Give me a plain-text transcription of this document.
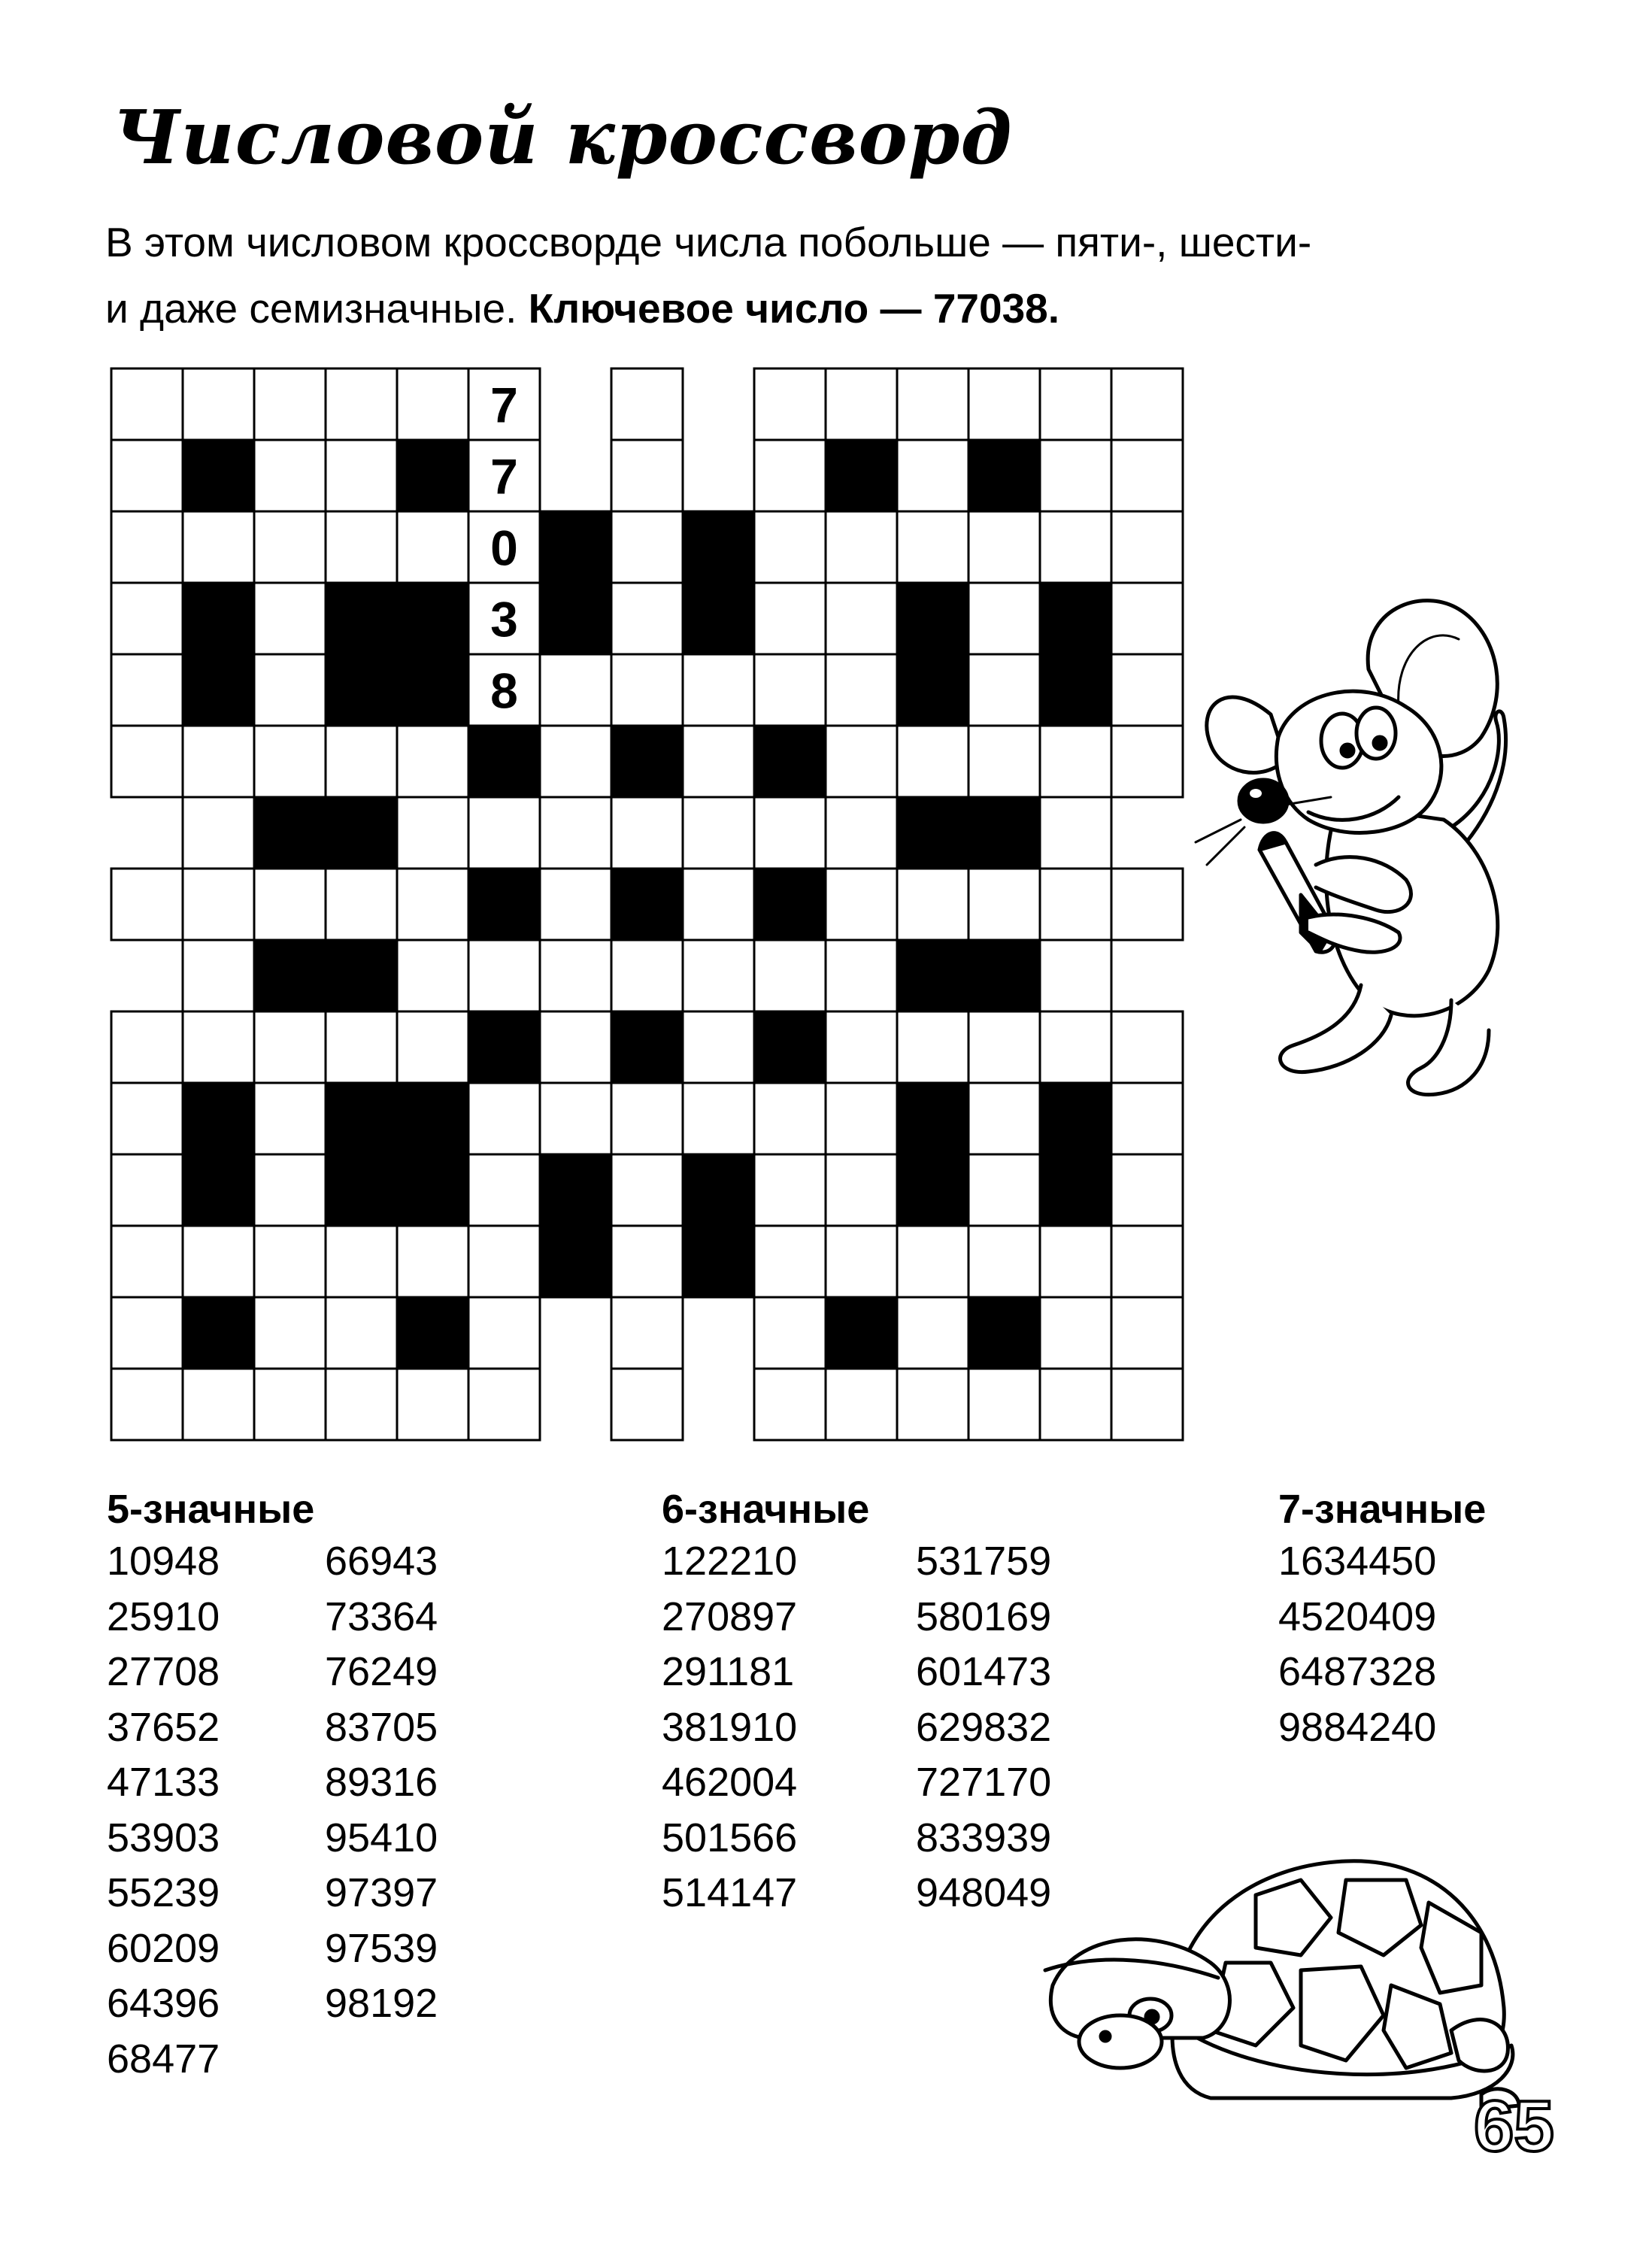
Числовой кроссворд
В этом числовом кроссворде числа побольше — пяти-, шести-
и даже семизначные. Ключевое число — 77038.
7
7
0
3
8
5-значные
10948
25910
27708
37652
47133
53903
55239
60209
64396
68477
66943
73364
76249
83705
89316
95410
97397
97539
98192
6-значные
122210
270897
291181
381910
462004
501566
514147
531759
580169
601473
629832
727170
833939
948049
7-значные
1634450
4520409
6487328
9884240
65
